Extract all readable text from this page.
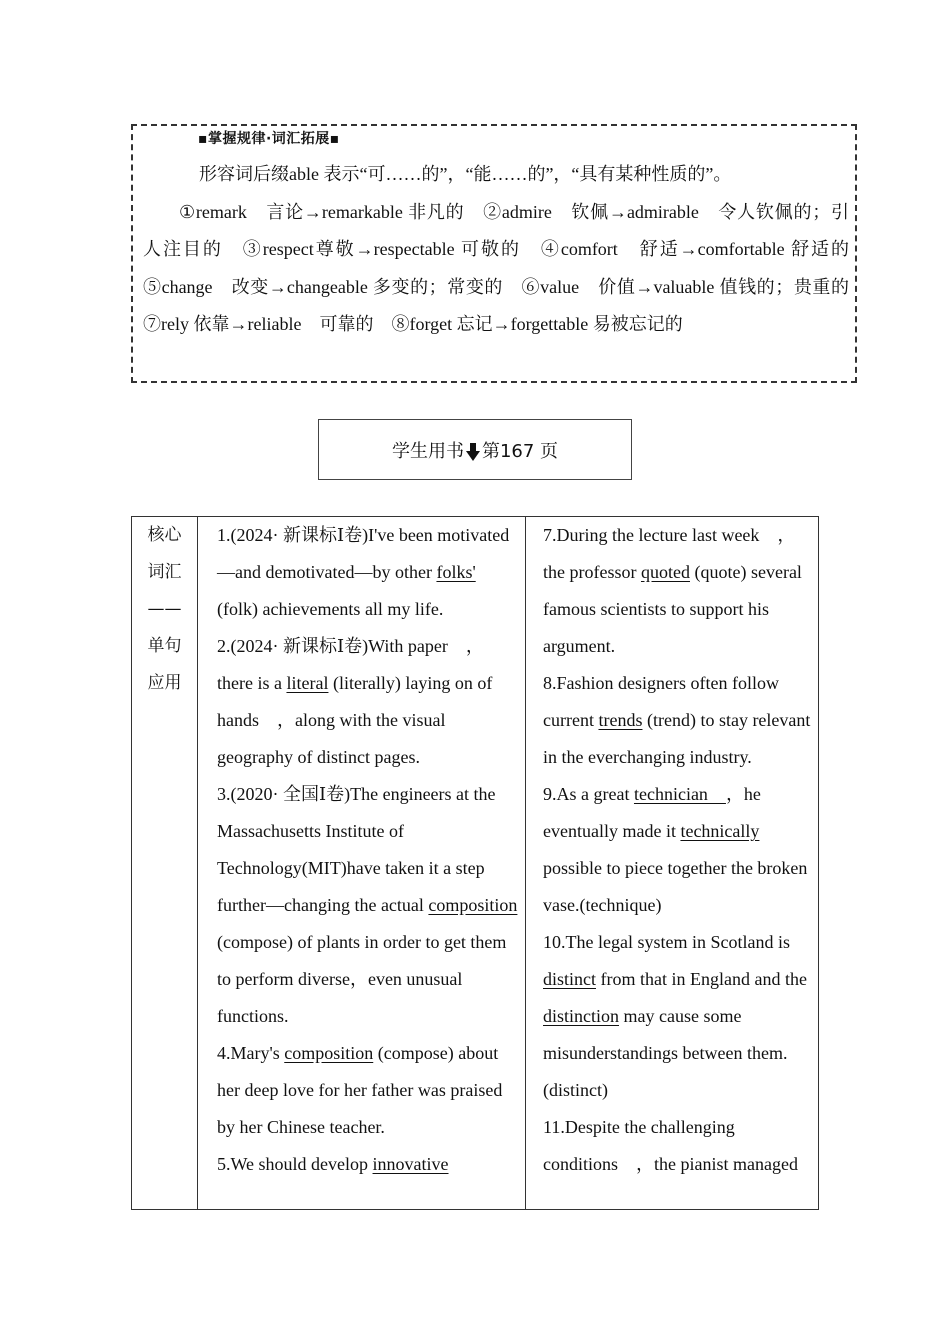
▪掌握规律·词汇拓展▪

形容词后缀able 表示“可……的”，“能……的”，“具有某种性质的”。

①remark　言论→remarkable 非凡的　②admire　钦佩→admirable　令人钦佩的；引人注目的　③respect尊敬→respectable 可敬的　④comfort　舒适→comfortable 舒适的　⑤change　改变→changeable 多变的；常变的　⑥value　价值→valuable 值钱的；贵重的　⑦rely 依靠→reliable　可靠的　⑧forget 忘记→forgettable 易被忘记的

学生用书 第167 页
核心
词汇
——
单句
应用

1.(2024· 新课标Ⅰ卷)I've been motivated—and demotivated—by other folks' (folk) achievements all my life.

2.(2024· 新课标Ⅰ卷)With paper　，there is a literal (literally) laying on of hands　，along with the visual geography of distinct pages.

3.(2020· 全国Ⅰ卷)The engineers at the Massachusetts Institute of Technology(MIT)have taken it a step further—changing the actual composition (compose) of plants in order to get them to perform diverse，even unusual functions.

4.Mary's composition (compose) about her deep love for her father was praised by her Chinese teacher.

5.We should develop innovative

7.During the lecture last week　，the professor quoted (quote) several famous scientists to support his argument.

8.Fashion designers often follow current trends (trend) to stay relevant in the everchanging industry.

9.As a great technician　，he eventually made it technically possible to piece together the broken vase.(technique)

10.The legal system in Scotland is distinct from that in England and the distinction may cause some misunderstandings between them.(distinct)

11.Despite the challenging conditions　，the pianist managed
